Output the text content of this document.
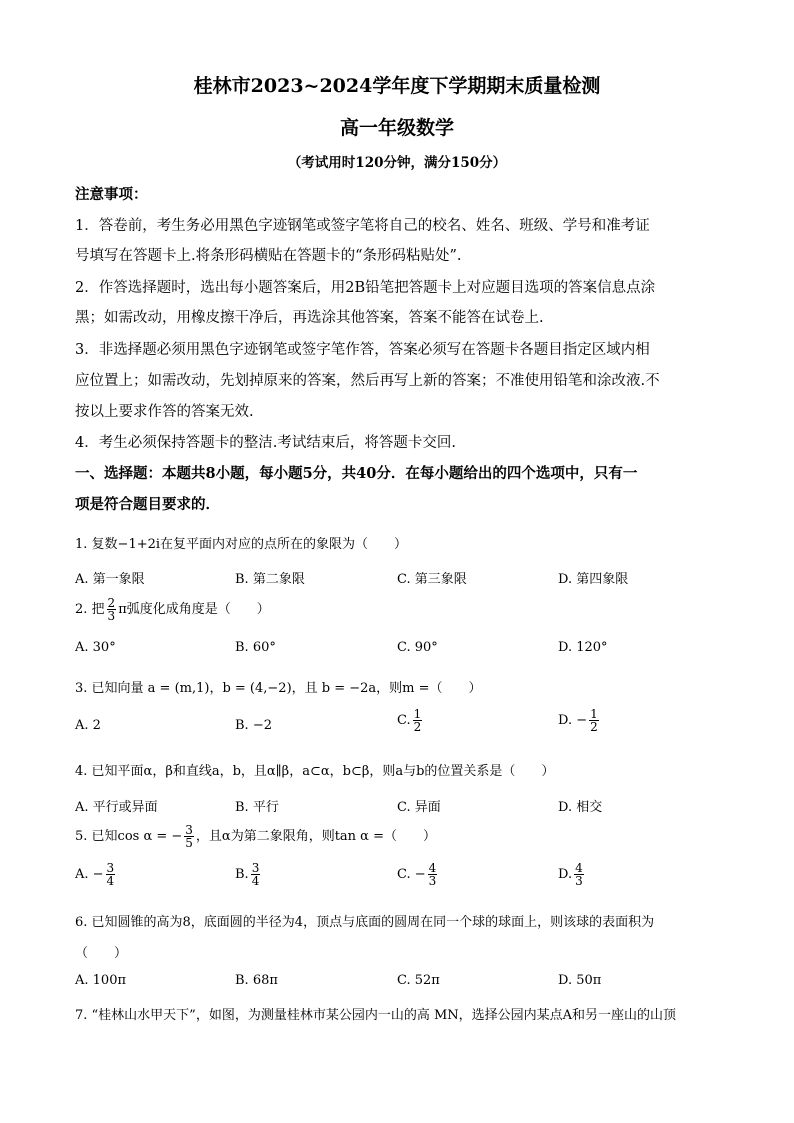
桂林市2023~2024学年度下学期期末质量检测
高一年级数学
（考试用时120分钟，满分150分）
注意事项：
1．答卷前，考生务必用黑色字迹钢笔或签字笔将自己的校名、姓名、班级、学号和准考证
号填写在答题卡上.将条形码横贴在答题卡的“条形码粘贴处”.
2．作答选择题时，选出每小题答案后，用2B铅笔把答题卡上对应题目选项的答案信息点涂
黑；如需改动，用橡皮擦干净后，再选涂其他答案，答案不能答在试卷上.
3．非选择题必须用黑色字迹钢笔或签字笔作答，答案必须写在答题卡各题目指定区域内相
应位置上；如需改动，先划掉原来的答案，然后再写上新的答案；不准使用铅笔和涂改液.不
按以上要求作答的答案无效.
4．考生必须保持答题卡的整洁.考试结束后，将答题卡交回.
一、选择题：本题共8小题，每小题5分，共40分．在每小题给出的四个选项中，只有一
项是符合题目要求的．
1. 复数−1+2i在复平面内对应的点所在的象限为（　　）
A. 第一象限	B. 第二象限	C. 第三象限	D. 第四象限
2. 把 $\frac{2}{3}$ π弧度化成角度是（　　）
A. 30°	B. 60°	C. 90°	D. 120°
3. 已知向量 a = (m,1)，b = (4,−2)，且 b = −2a，则m =（　　）
A. 2	B. −2	C. $\frac{1}{2}$	D. − $\frac{1}{2}$
4. 已知平面α，β和直线a，b，且α∥β，a⊂α，b⊂β，则a与b的位置关系是（　　）
A. 平行或异面	B. 平行	C. 异面	D. 相交
5. 已知cos α = − $\frac{3}{5}$ ，且α为第二象限角，则tan α =（　　）
A. − $\frac{3}{4}$	B. $\frac{3}{4}$	C. − $\frac{4}{3}$	D. $\frac{4}{3}$
6. 已知圆锥的高为8，底面圆的半径为4，顶点与底面的圆周在同一个球的球面上，则该球的表面积为
（　　）
A. 100π	B. 68π	C. 52π	D. 50π
7. “桂林山水甲天下”，如图，为测量桂林市某公园内一山的高 MN，选择公园内某点A和另一座山的山顶
